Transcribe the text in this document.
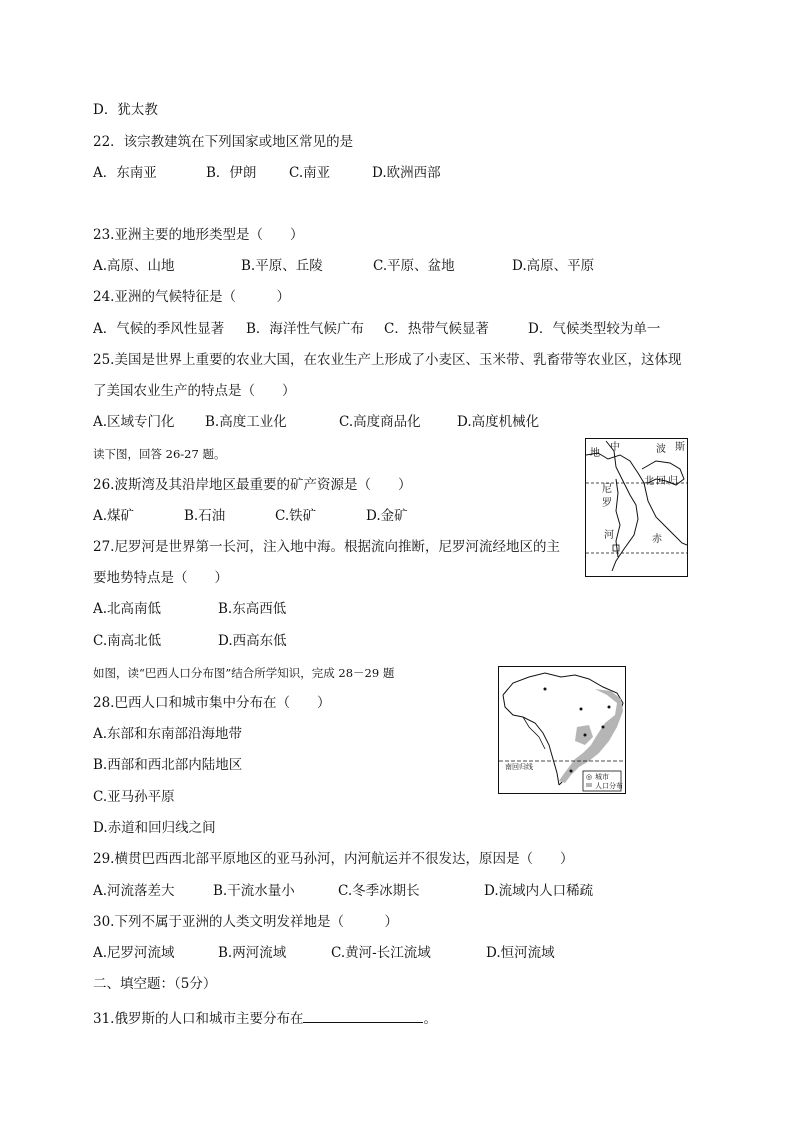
D．犹太教
22．该宗教建筑在下列国家或地区常见的是
A．东南亚	B．伊朗 C.南亚	D.欧洲西部
23.亚洲主要的地形类型是（　　）
A.高原、山地	B.平原、丘陵	C.平原、盆地	D.高原、平原
24.亚洲的气候特征是（　　　）
A．气候的季风性显著 B．海洋性气候广布 C．热带气候显著	D．气候类型较为单一
25.美国是世界上重要的农业大国，在农业生产上形成了小麦区、玉米带、乳畜带等农业区，这体现
了美国农业生产的特点是（　　）
A.区域专门化 B.高度工业化	C.高度商品化	D.高度机械化
读下图，回答 26-27 题。
26.波斯湾及其沿岸地区最重要的矿产资源是（　　）
A.煤矿	B.石油	C.铁矿	D.金矿
27.尼罗河是世界第一长河，注入地中海。根据流向推断，尼罗河流经地区的主
要地势特点是（　　）
A.北高南低	B.东高西低
C.南高北低	D.西高东低
地
中	波 斯
尼
北 回 归
罗
河	赤
如图，读“巴西人口分布图”结合所学知识，完成 28－29 题
28.巴西人口和城市集中分布在（　　）
A.东部和东南部沿海地带
B.西部和西北部内陆地区
C.亚马孙平原
D.赤道和回归线之间
南回归线
◎ 城市
人口分布
29.横贯巴西西北部平原地区的亚马孙河，内河航运并不很发达，原因是（　　）
A.河流落差大	B.干流水量小	C.冬季冰期长	D.流域内人口稀疏
30.下列不属于亚洲的人类文明发祥地是（　　　）
A.尼罗河流域	B.两河流域	C.黄河-长江流域	D.恒河流域
二、填空题：（5分）
31.俄罗斯的人口和城市主要分布在	。
